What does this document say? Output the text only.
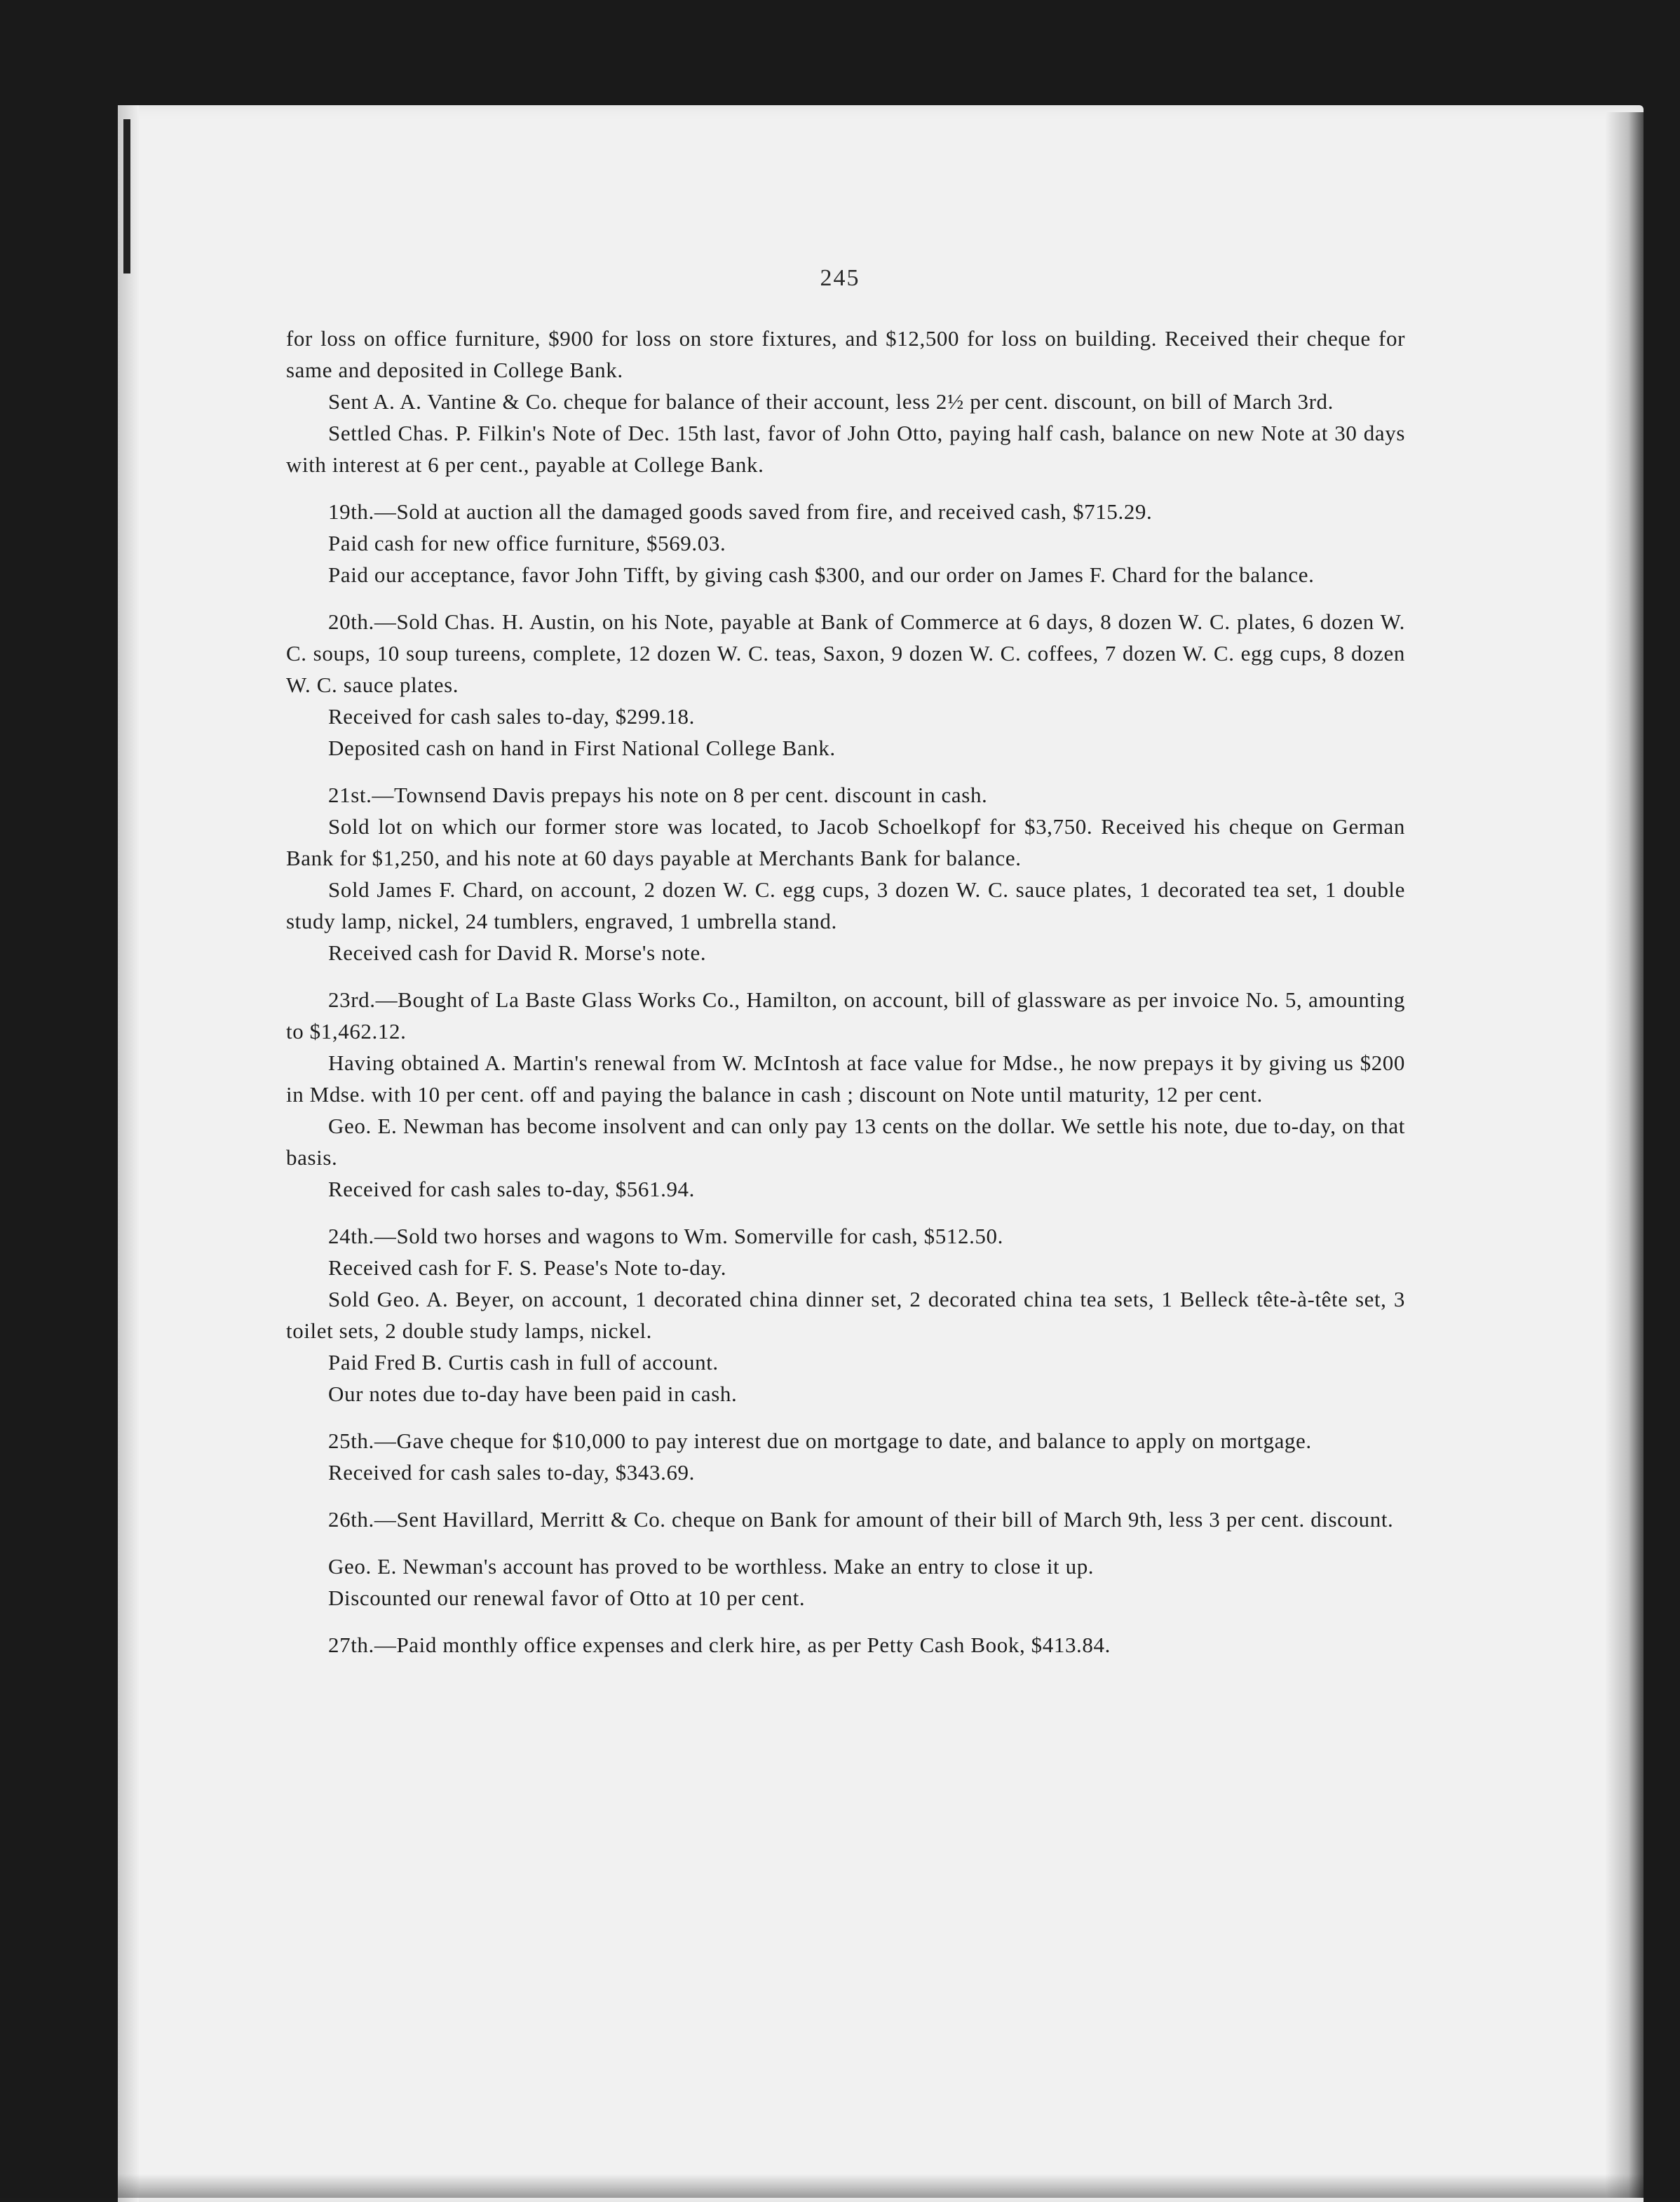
245

for loss on office furniture, $900 for loss on store fixtures, and $12,500 for loss on building. Received their cheque for same and deposited in College Bank.

Sent A. A. Vantine & Co. cheque for balance of their account, less 2½ per cent. discount, on bill of March 3rd.

Settled Chas. P. Filkin's Note of Dec. 15th last, favor of John Otto, paying half cash, balance on new Note at 30 days with interest at 6 per cent., payable at College Bank.

19th.—Sold at auction all the damaged goods saved from fire, and received cash, $715.29.

Paid cash for new office furniture, $569.03.

Paid our acceptance, favor John Tifft, by giving cash $300, and our order on James F. Chard for the balance.

20th.—Sold Chas. H. Austin, on his Note, payable at Bank of Commerce at 6 days, 8 dozen W. C. plates, 6 dozen W. C. soups, 10 soup tureens, complete, 12 dozen W. C. teas, Saxon, 9 dozen W. C. coffees, 7 dozen W. C. egg cups, 8 dozen W. C. sauce plates.

Received for cash sales to-day, $299.18.

Deposited cash on hand in First National College Bank.

21st.—Townsend Davis prepays his note on 8 per cent. discount in cash.

Sold lot on which our former store was located, to Jacob Schoelkopf for $3,750. Received his cheque on German Bank for $1,250, and his note at 60 days payable at Merchants Bank for balance.

Sold James F. Chard, on account, 2 dozen W. C. egg cups, 3 dozen W. C. sauce plates, 1 decorated tea set, 1 double study lamp, nickel, 24 tumblers, engraved, 1 umbrella stand.

Received cash for David R. Morse's note.

23rd.—Bought of La Baste Glass Works Co., Hamilton, on account, bill of glassware as per invoice No. 5, amounting to $1,462.12.

Having obtained A. Martin's renewal from W. McIntosh at face value for Mdse., he now prepays it by giving us $200 in Mdse. with 10 per cent. off and paying the balance in cash ; discount on Note until maturity, 12 per cent.

Geo. E. Newman has become insolvent and can only pay 13 cents on the dollar. We settle his note, due to-day, on that basis.

Received for cash sales to-day, $561.94.

24th.—Sold two horses and wagons to Wm. Somerville for cash, $512.50.

Received cash for F. S. Pease's Note to-day.

Sold Geo. A. Beyer, on account, 1 decorated china dinner set, 2 decorated china tea sets, 1 Belleck tête-à-tête set, 3 toilet sets, 2 double study lamps, nickel.

Paid Fred B. Curtis cash in full of account.

Our notes due to-day have been paid in cash.

25th.—Gave cheque for $10,000 to pay interest due on mortgage to date, and balance to apply on mortgage.

Received for cash sales to-day, $343.69.

26th.—Sent Havillard, Merritt & Co. cheque on Bank for amount of their bill of March 9th, less 3 per cent. discount.

Geo. E. Newman's account has proved to be worthless. Make an entry to close it up.

Discounted our renewal favor of Otto at 10 per cent.

27th.—Paid monthly office expenses and clerk hire, as per Petty Cash Book, $413.84.
